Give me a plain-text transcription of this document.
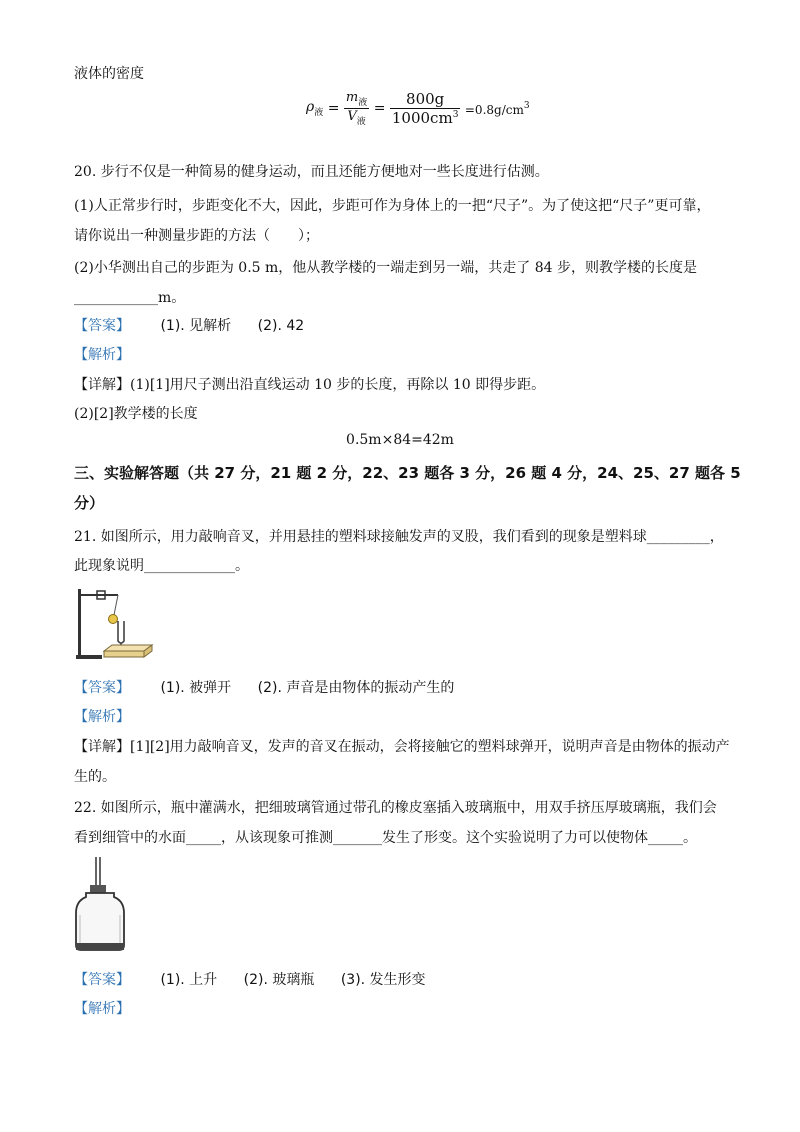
液体的密度
$\rho_液 = \frac{m_液}{V_液} = \frac{800g}{1000cm^3} =0.8g/cm^3$
20. 步行不仅是一种简易的健身运动，而且还能方便地对一些长度进行估测。
(1)人正常步行时，步距变化不大，因此，步距可作为身体上的一把“尺子”。为了使这把“尺子”更可靠，
请你说出一种测量步距的方法（　　）；
(2)小华测出自己的步距为 0.5 m，他从教学楼的一端走到另一端，共走了 84 步，则教学楼的长度是
____________m。
【答案】 (1). 见解析 (2). 42
【解析】
【详解】(1)[1]用尺子测出沿直线运动 10 步的长度，再除以 10 即得步距。
(2)[2]教学楼的长度
0.5m×84=42m
三、实验解答题（共 27 分，21 题 2 分，22、23 题各 3 分，26 题 4 分，24、25、27 题各 5
分）
21. 如图所示，用力敲响音叉，并用悬挂的塑料球接触发声的叉股，我们看到的现象是塑料球_________，
此现象说明_____________。
【答案】 (1). 被弹开 (2). 声音是由物体的振动产生的
【解析】
【详解】[1][2]用力敲响音叉，发声的音叉在振动，会将接触它的塑料球弹开，说明声音是由物体的振动产
生的。
22. 如图所示，瓶中灌满水，把细玻璃管通过带孔的橡皮塞插入玻璃瓶中，用双手挤压厚玻璃瓶，我们会
看到细管中的水面_____，从该现象可推测_______发生了形变。这个实验说明了力可以使物体_____。
【答案】 (1). 上升 (2). 玻璃瓶 (3). 发生形变
【解析】
